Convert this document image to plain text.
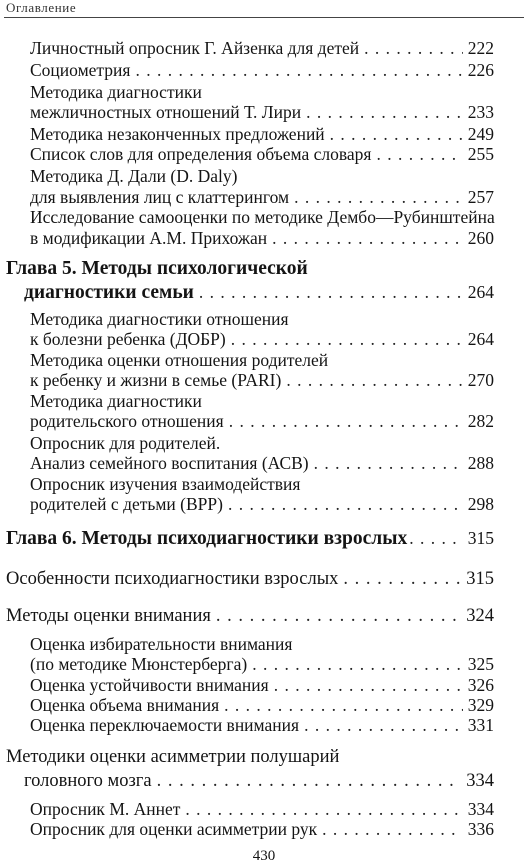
Оглавление
Личностный опросник Г. Айзенка для детей . . .	222
Социометрия . . .	226
Методика диагностики
межличностных отношений Т. Лири . . .	233
Методика незаконченных предложений . . .	249
Список слов для определения объема словаря . . .	255
Методика Д. Дали (D. Daly)
для выявления лиц с клаттерингом . . .	257
Исследование самооценки по методике Дембо—Рубинштейна
в модификации А.М. Прихожан . . .	260
Глава 5. Методы психологической
диагностики семьи . . .	264
Методика диагностики отношения
к болезни ребенка (ДОБР) . . .	264
Методика оценки отношения родителей
к ребенку и жизни в семье (PARI) . . .	270
Методика диагностики
родительского отношения . . .	282
Опросник для родителей.
Анализ семейного воспитания (АСВ) . . .	288
Опросник изучения взаимодействия
родителей с детьми (ВРР) . . .	298
Глава 6. Методы психодиагностики взрослых . . .	315
Особенности психодиагностики взрослых . . .	315
Методы оценки внимания . . .	324
Оценка избирательности внимания
(по методике Мюнстерберга) . . .	325
Оценка устойчивости внимания . . .	326
Оценка объема внимания . . .	329
Оценка переключаемости внимания . . .	331
Методики оценки асимметрии полушарий
головного мозга . . .	334
Опросник М. Аннет . . .	334
Опросник для оценки асимметрии рук . . .	336
430
